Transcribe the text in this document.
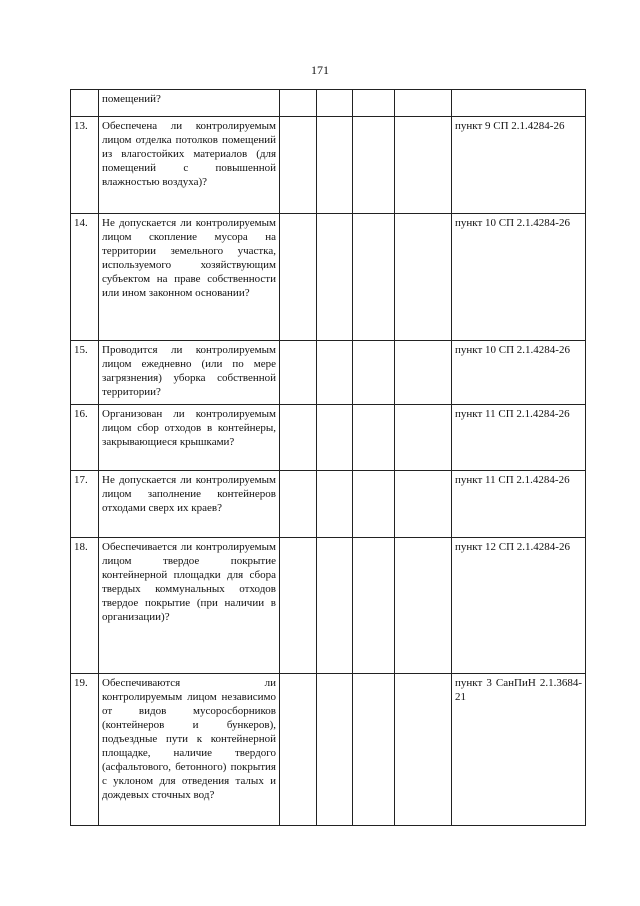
171
	помещений?					
13.	Обеспечена ли контролируемым лицом отделка потолков помещений из влагостойких материалов (для помещений с повышенной влажностью воздуха)?					пункт 9 СП 2.1.4284-26
14.	Не допускается ли контролируемым лицом скопление мусора на территории земельного участка, используемого хозяйствующим субъектом на праве собственности или ином законном основании?					пункт 10 СП 2.1.4284-26
15.	Проводится ли контролируемым лицом ежедневно (или по мере загрязнения) уборка собственной территории?					пункт 10 СП 2.1.4284-26
16.	Организован ли контролируемым лицом сбор отходов в контейнеры, закрывающиеся крышками?					пункт 11 СП 2.1.4284-26
17.	Не допускается ли контролируемым лицом заполнение контейнеров отходами сверх их краев?					пункт 11 СП 2.1.4284-26
18.	Обеспечивается ли контролируемым лицом твердое покрытие контейнерной площадки для сбора твердых коммунальных отходов твердое покрытие (при наличии в организации)?					пункт 12 СП 2.1.4284-26
19.	Обеспечиваются ли контролируемым лицом независимо от видов мусоросборников (контейнеров и бункеров), подъездные пути к контейнерной площадке, наличие твердого (асфальтового, бетонного) покрытия с уклоном для отведения талых и дождевых сточных вод?					пункт 3 СанПиН 2.1.3684-21
